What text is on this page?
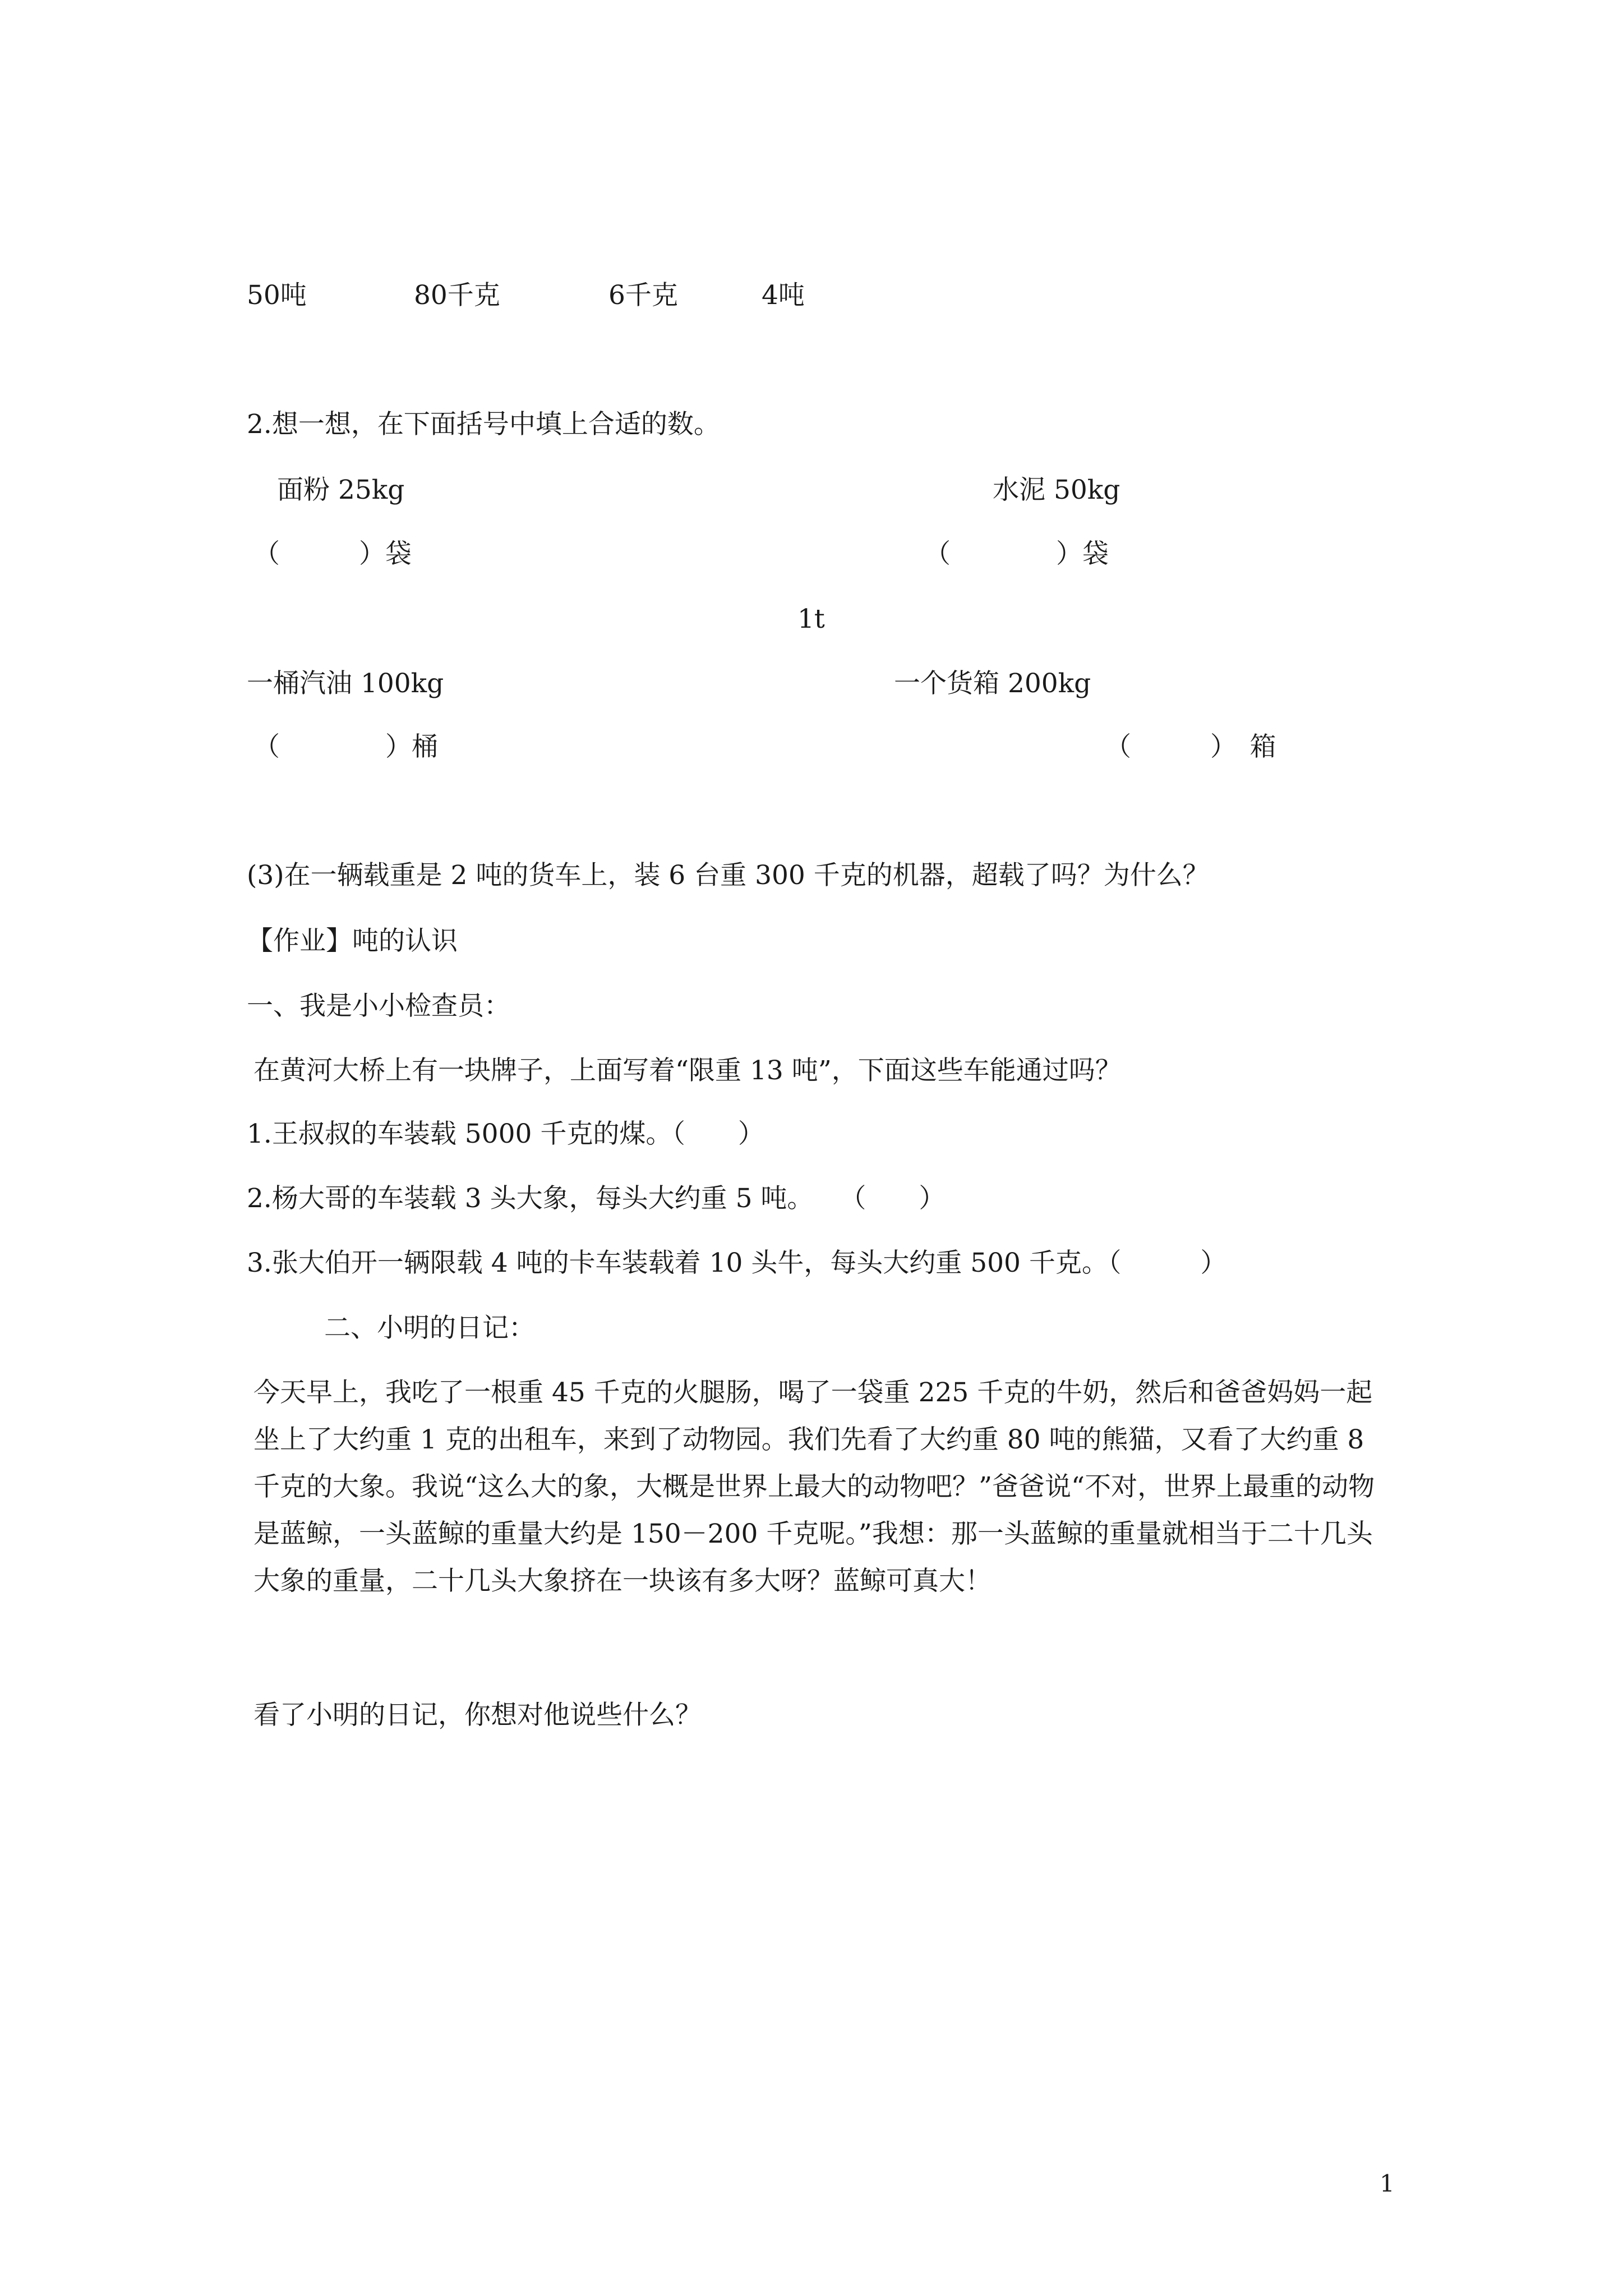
50吨	80千克	6千克	4吨
2.想一想，在下面括号中填上合适的数。
面粉 25kg	水泥 50kg
（　　　）袋	（　　　　）袋
1t
一桶汽油 100kg	一个货箱 200kg
（　　　　）桶	（　　　）　箱
(3)在一辆载重是 2 吨的货车上，装 6 台重 300 千克的机器，超载了吗？为什么？
【作业】吨的认识
一、我是小小检查员：
在黄河大桥上有一块牌子，上面写着“限重 13 吨”，下面这些车能通过吗？
1.王叔叔的车装载 5000 千克的煤。（　　）
2.杨大哥的车装载 3 头大象，每头大约重 5 吨。　　（　　）
3.张大伯开一辆限载 4 吨的卡车装载着 10 头牛，每头大约重 500 千克。（　　　）
二、小明的日记：
今天早上，我吃了一根重 45 千克的火腿肠，喝了一袋重 225 千克的牛奶，然后和爸爸妈妈一起坐上了大约重 1 克的出租车，来到了动物园。我们先看了大约重 80 吨的熊猫，又看了大约重 8 千克的大象。我说“这么大的象，大概是世界上最大的动物吧？”爸爸说“不对，世界上最重的动物是蓝鲸，一头蓝鲸的重量大约是 150－200 千克呢。”我想：那一头蓝鲸的重量就相当于二十几头大象的重量，二十几头大象挤在一块该有多大呀？蓝鲸可真大！
看了小明的日记，你想对他说些什么？
1
